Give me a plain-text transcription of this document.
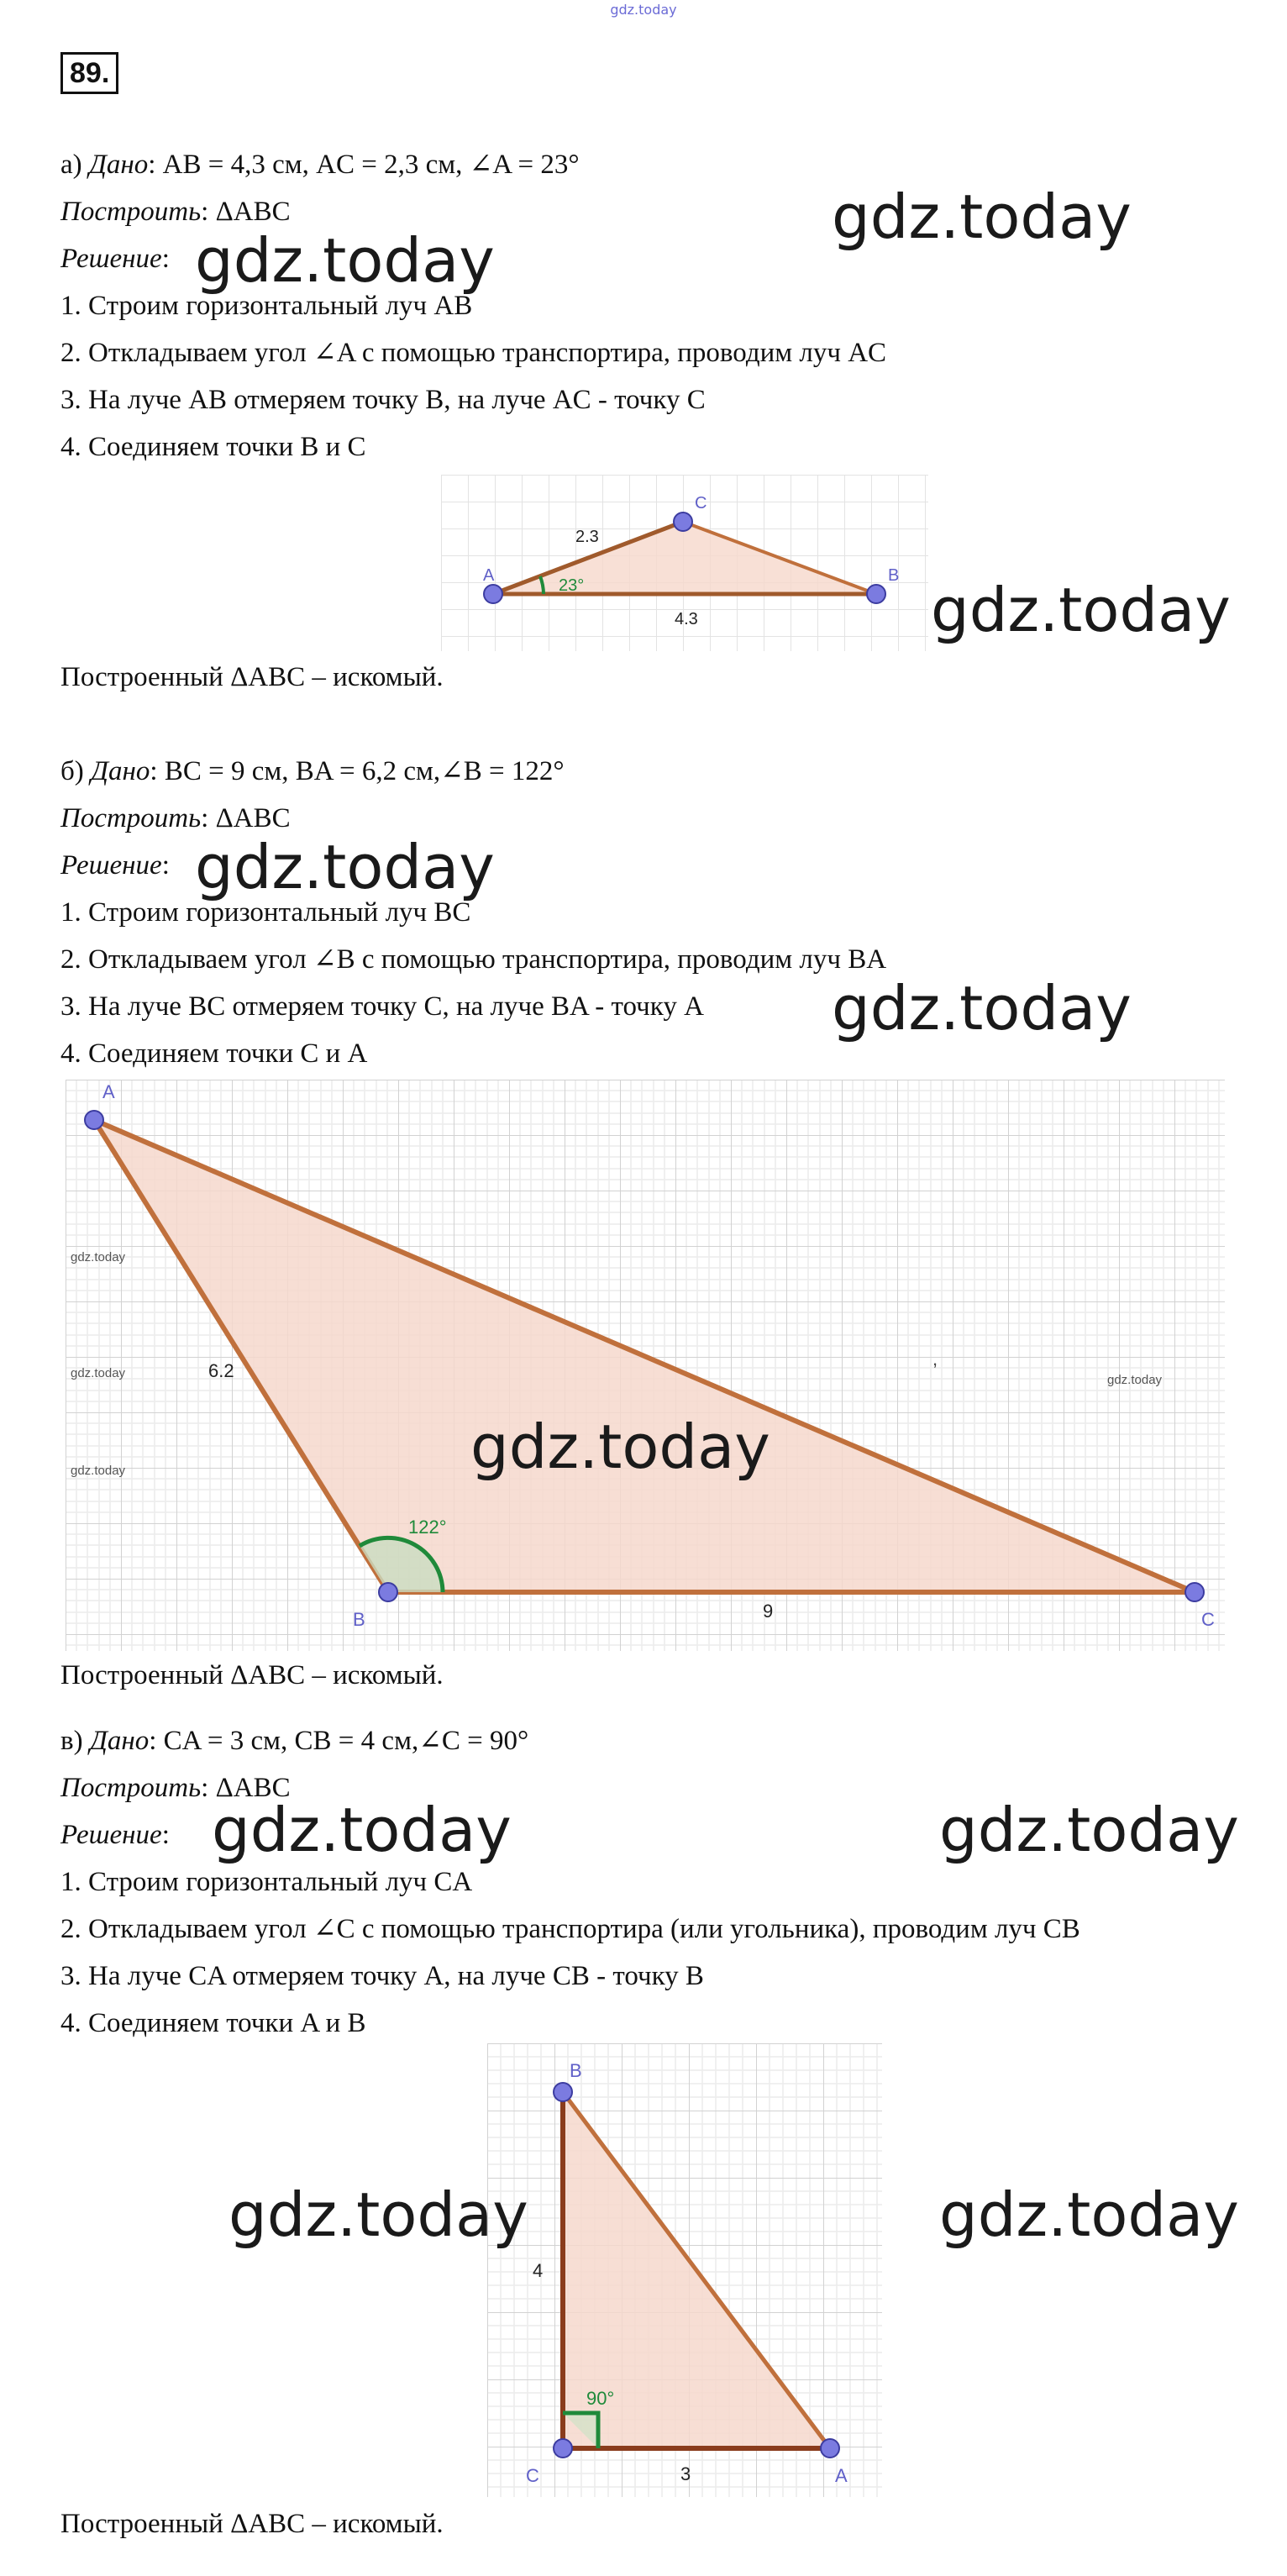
gdz.today
89.
а) Дано: AB = 4,3 см, AC = 2,3 см, ∠A = 23°
Построить: ΔABC
Решение:
1. Строим горизонтальный луч AB
2. Откладываем угол ∠A с помощью транспортира, проводим луч AC
3. На луче AB отмеряем точку B, на луче AC - точку C
4. Соединяем точки B и C
gdz.today
gdz.today
A	B
C
2.3
4.3
23°	gdz.today
Построенный ΔABC – искомый.
б) Дано: BC = 9 см, BA = 6,2 см,∠B = 122°
Построить: ΔABC
Решение:
1. Строим горизонтальный луч BC
2. Откладываем угол ∠B с помощью транспортира, проводим луч BA
3. На луче BC отмеряем точку C, на луче BA - точку A
4. Соединяем точки C и A
gdz.today
gdz.today
A
B	C
6.2
9
122°
,
gdz.today
gdz.today
gdz.today
gdz.today
gdz.today
Построенный ΔABC – искомый.
в) Дано: CA = 3 см, CB = 4 см,∠C = 90°
Построить: ΔABC
Решение:
1. Строим горизонтальный луч CA
2. Откладываем угол ∠C с помощью транспортира (или угольника), проводим луч CB
3. На луче CA отмеряем точку A, на луче CB - точку B
4. Соединяем точки A и B
gdz.today	gdz.today
A
B
C
4
3
90°
gdz.today	gdz.today
Построенный ΔABC – искомый.
